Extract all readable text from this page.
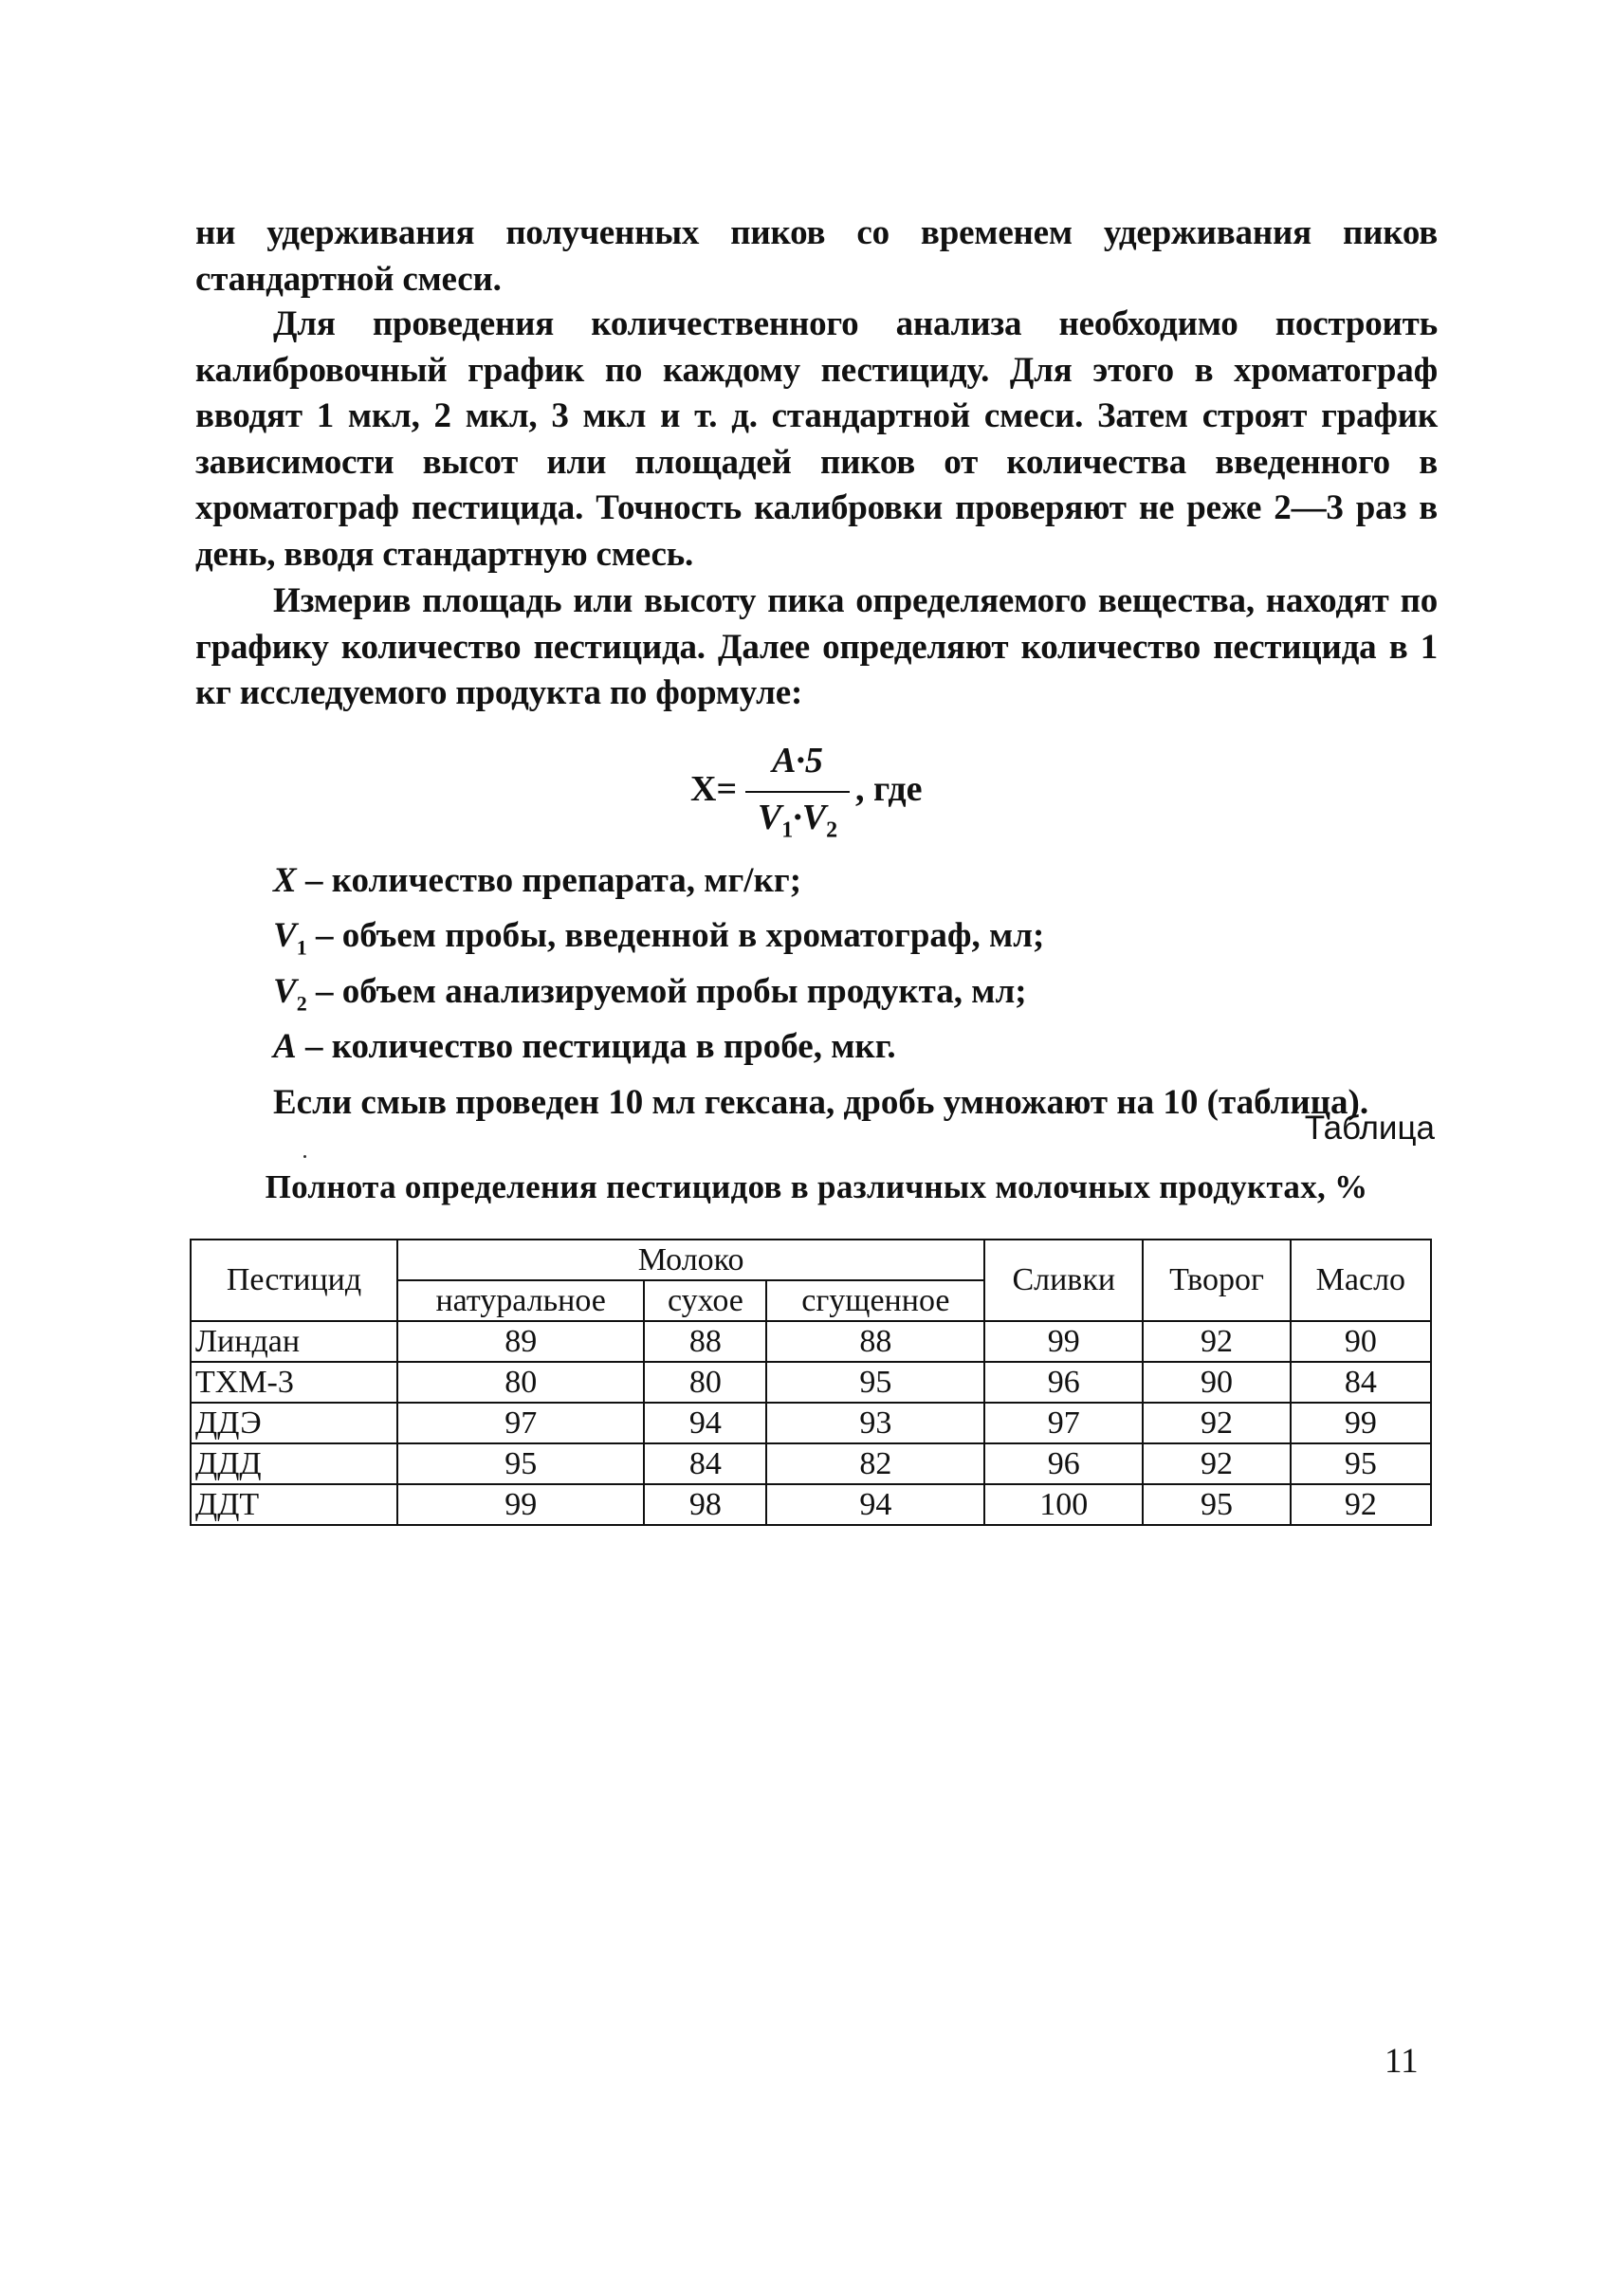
ни удерживания полученных пиков со временем удерживания пиков стандартной смеси.

Для проведения количественного анализа необходимо построить калибровочный график по каждому пестициду. Для этого в хроматограф вводят 1 мкл, 2 мкл, 3 мкл и т. д. стандартной смеси. Затем строят график зависимости высот или площадей пиков от количества введенного в хроматограф пестицида. Точность калибровки проверяют не реже 2—3 раз в день, вводя стандартную смесь.

Измерив площадь или высоту пика определяемого вещества, находят по графику количество пестицида. Далее определяют количество пестицида в 1 кг исследуемого продукта по формуле:

Х=
A·5
$V_1\cdot V_2$
, где
X – количество препарата, мг/кг;
$V_1$ – объем пробы, введенной в хроматограф, мл;
$V_2$ – объем анализируемой пробы продукта, мл;
A – количество пестицида в пробе, мкг.
Если смыв проведен 10 мл гексана, дробь умножают на 10 (таблица).
Таблица
Полнота определения пестицидов в различных молочных продуктах, %
Пестицид	Молоко			Сливки	Творог	Масло
	натуральное	сухое	сгущенное			
Линдан	89	88	88	99	92	90
ТХМ-3	80	80	95	96	90	84
ДДЭ	97	94	93	97	92	99
ДДД	95	84	82	96	92	95
ДДТ	99	98	94	100	95	92
11
